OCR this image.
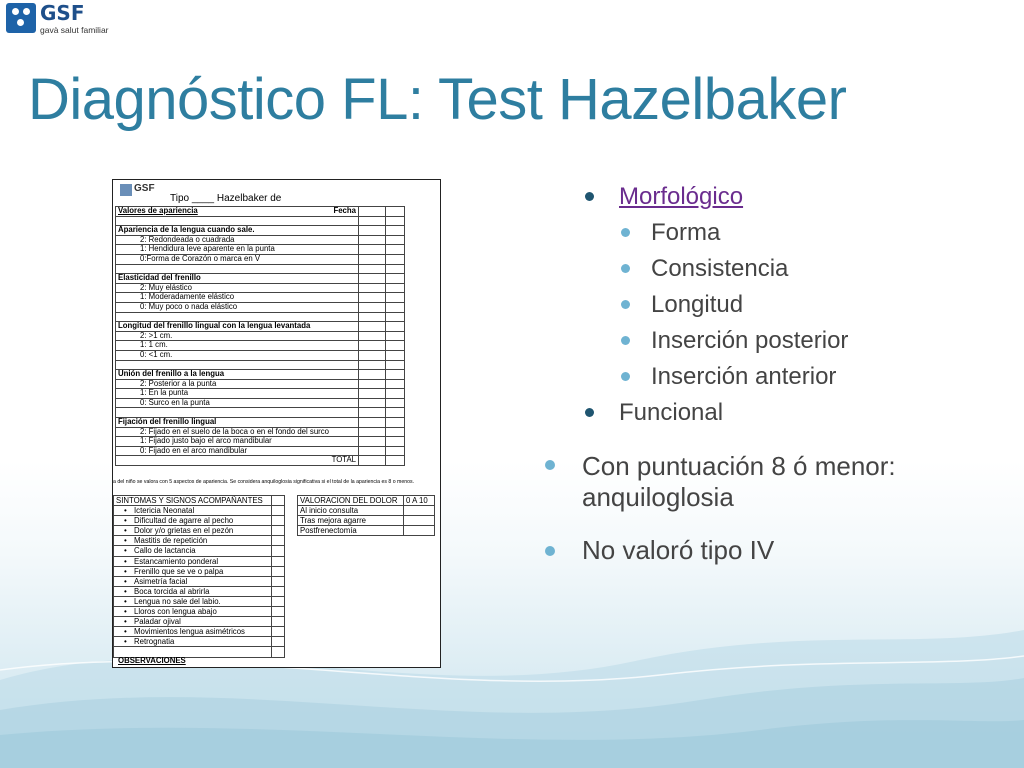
GSF
gavà salut familiar
Diagnóstico FL: Test Hazelbaker
GSF
Tipo ____ Hazelbaker de
Valores de apariencia Fecha		

Apariencia de la lengua cuando sale.		
2: Redondeada o cuadrada		
1: Hendidura leve aparente en la punta		
0:Forma de Corazón o marca en V		

Elasticidad del frenillo		
2: Muy elástico		
1: Moderadamente elástico		
0: Muy poco o nada elástico		

Longitud del frenillo lingual con la lengua levantada		
2: >1 cm.		
1: 1 cm.		
0: <1 cm.		

Unión del frenillo a la lengua		
2: Posterior a la punta		
1: En la punta		
0: Surco en la punta		

Fijación del frenillo lingual		
2: Fijado en el suelo de la boca o en el fondo del surco		
1: Fijado justo bajo el arco mandibular		
0: Fijado en el arco mandibular		
TOTAL		
a del niño se valora con 5 aspectos de apariencia. Se considera anquiloglosia significativa si el total de la apariencia es 8 o menos.
SINTOMAS Y SIGNOS ACOMPAÑANTES	
• Ictericia Neonatal	
• Dificultad de agarre al pecho	
• Dolor y/o grietas en el pezón	
• Mastitis de repetición	
• Callo de lactancia	
• Estancamiento ponderal	
• Frenillo que se ve o palpa	
• Asimetría facial	
• Boca torcida al abrirla	
• Lengua no sale del labio.	
• Lloros con lengua abajo	
• Paladar ojival	
• Movimientos lengua asimétricos	
• Retrognatia	

VALORACION DEL DOLOR	0 A 10
Al inicio consulta	
Tras mejora agarre	
Postfrenectomía	
OBSERVACIONES
Morfológico
Forma
Consistencia
Longitud
Inserción posterior
Inserción anterior
Funcional
Con puntuación 8 ó menor:
anquiloglosia
No valoró tipo IV
